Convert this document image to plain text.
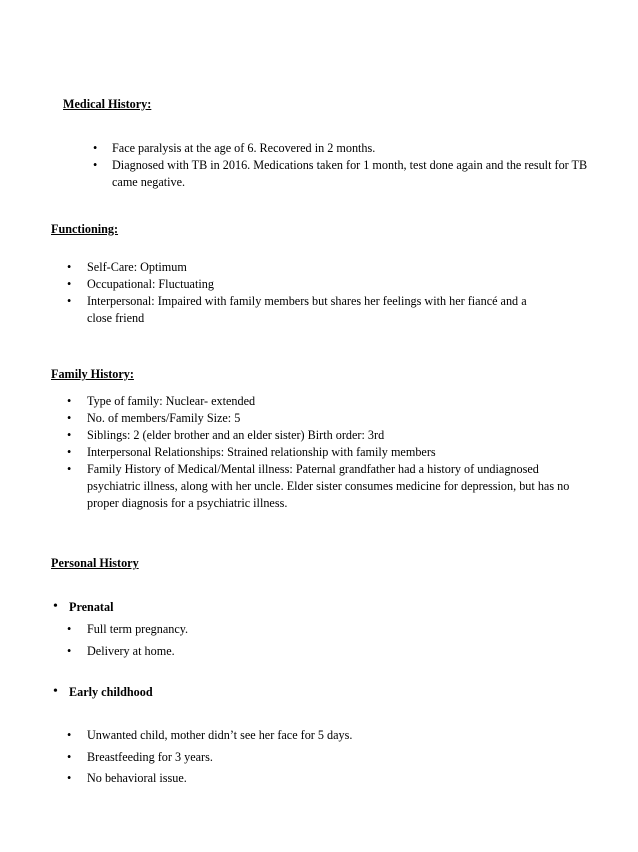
Medical History:
• Face paralysis at the age of 6. Recovered in 2 months.
• Diagnosed with TB in 2016. Medications taken for 1 month, test done again and the result for TB came negative.
Functioning:
• Self-Care: Optimum
• Occupational: Fluctuating
• Interpersonal: Impaired with family members but shares her feelings with her fiancé and a close friend
Family History:
• Type of family: Nuclear- extended
• No. of members/Family Size: 5
• Siblings: 2 (elder brother and an elder sister) Birth order: 3rd
• Interpersonal Relationships: Strained relationship with family members
• Family History of Medical/Mental illness: Paternal grandfather had a history of undiagnosed psychiatric illness, along with her uncle. Elder sister consumes medicine for depression, but has no proper diagnosis for a psychiatric illness.
Personal History
• Prenatal
• Full term pregnancy.
• Delivery at home.
• Early childhood
• Unwanted child, mother didn’t see her face for 5 days.
• Breastfeeding for 3 years.
• No behavioral issue.
